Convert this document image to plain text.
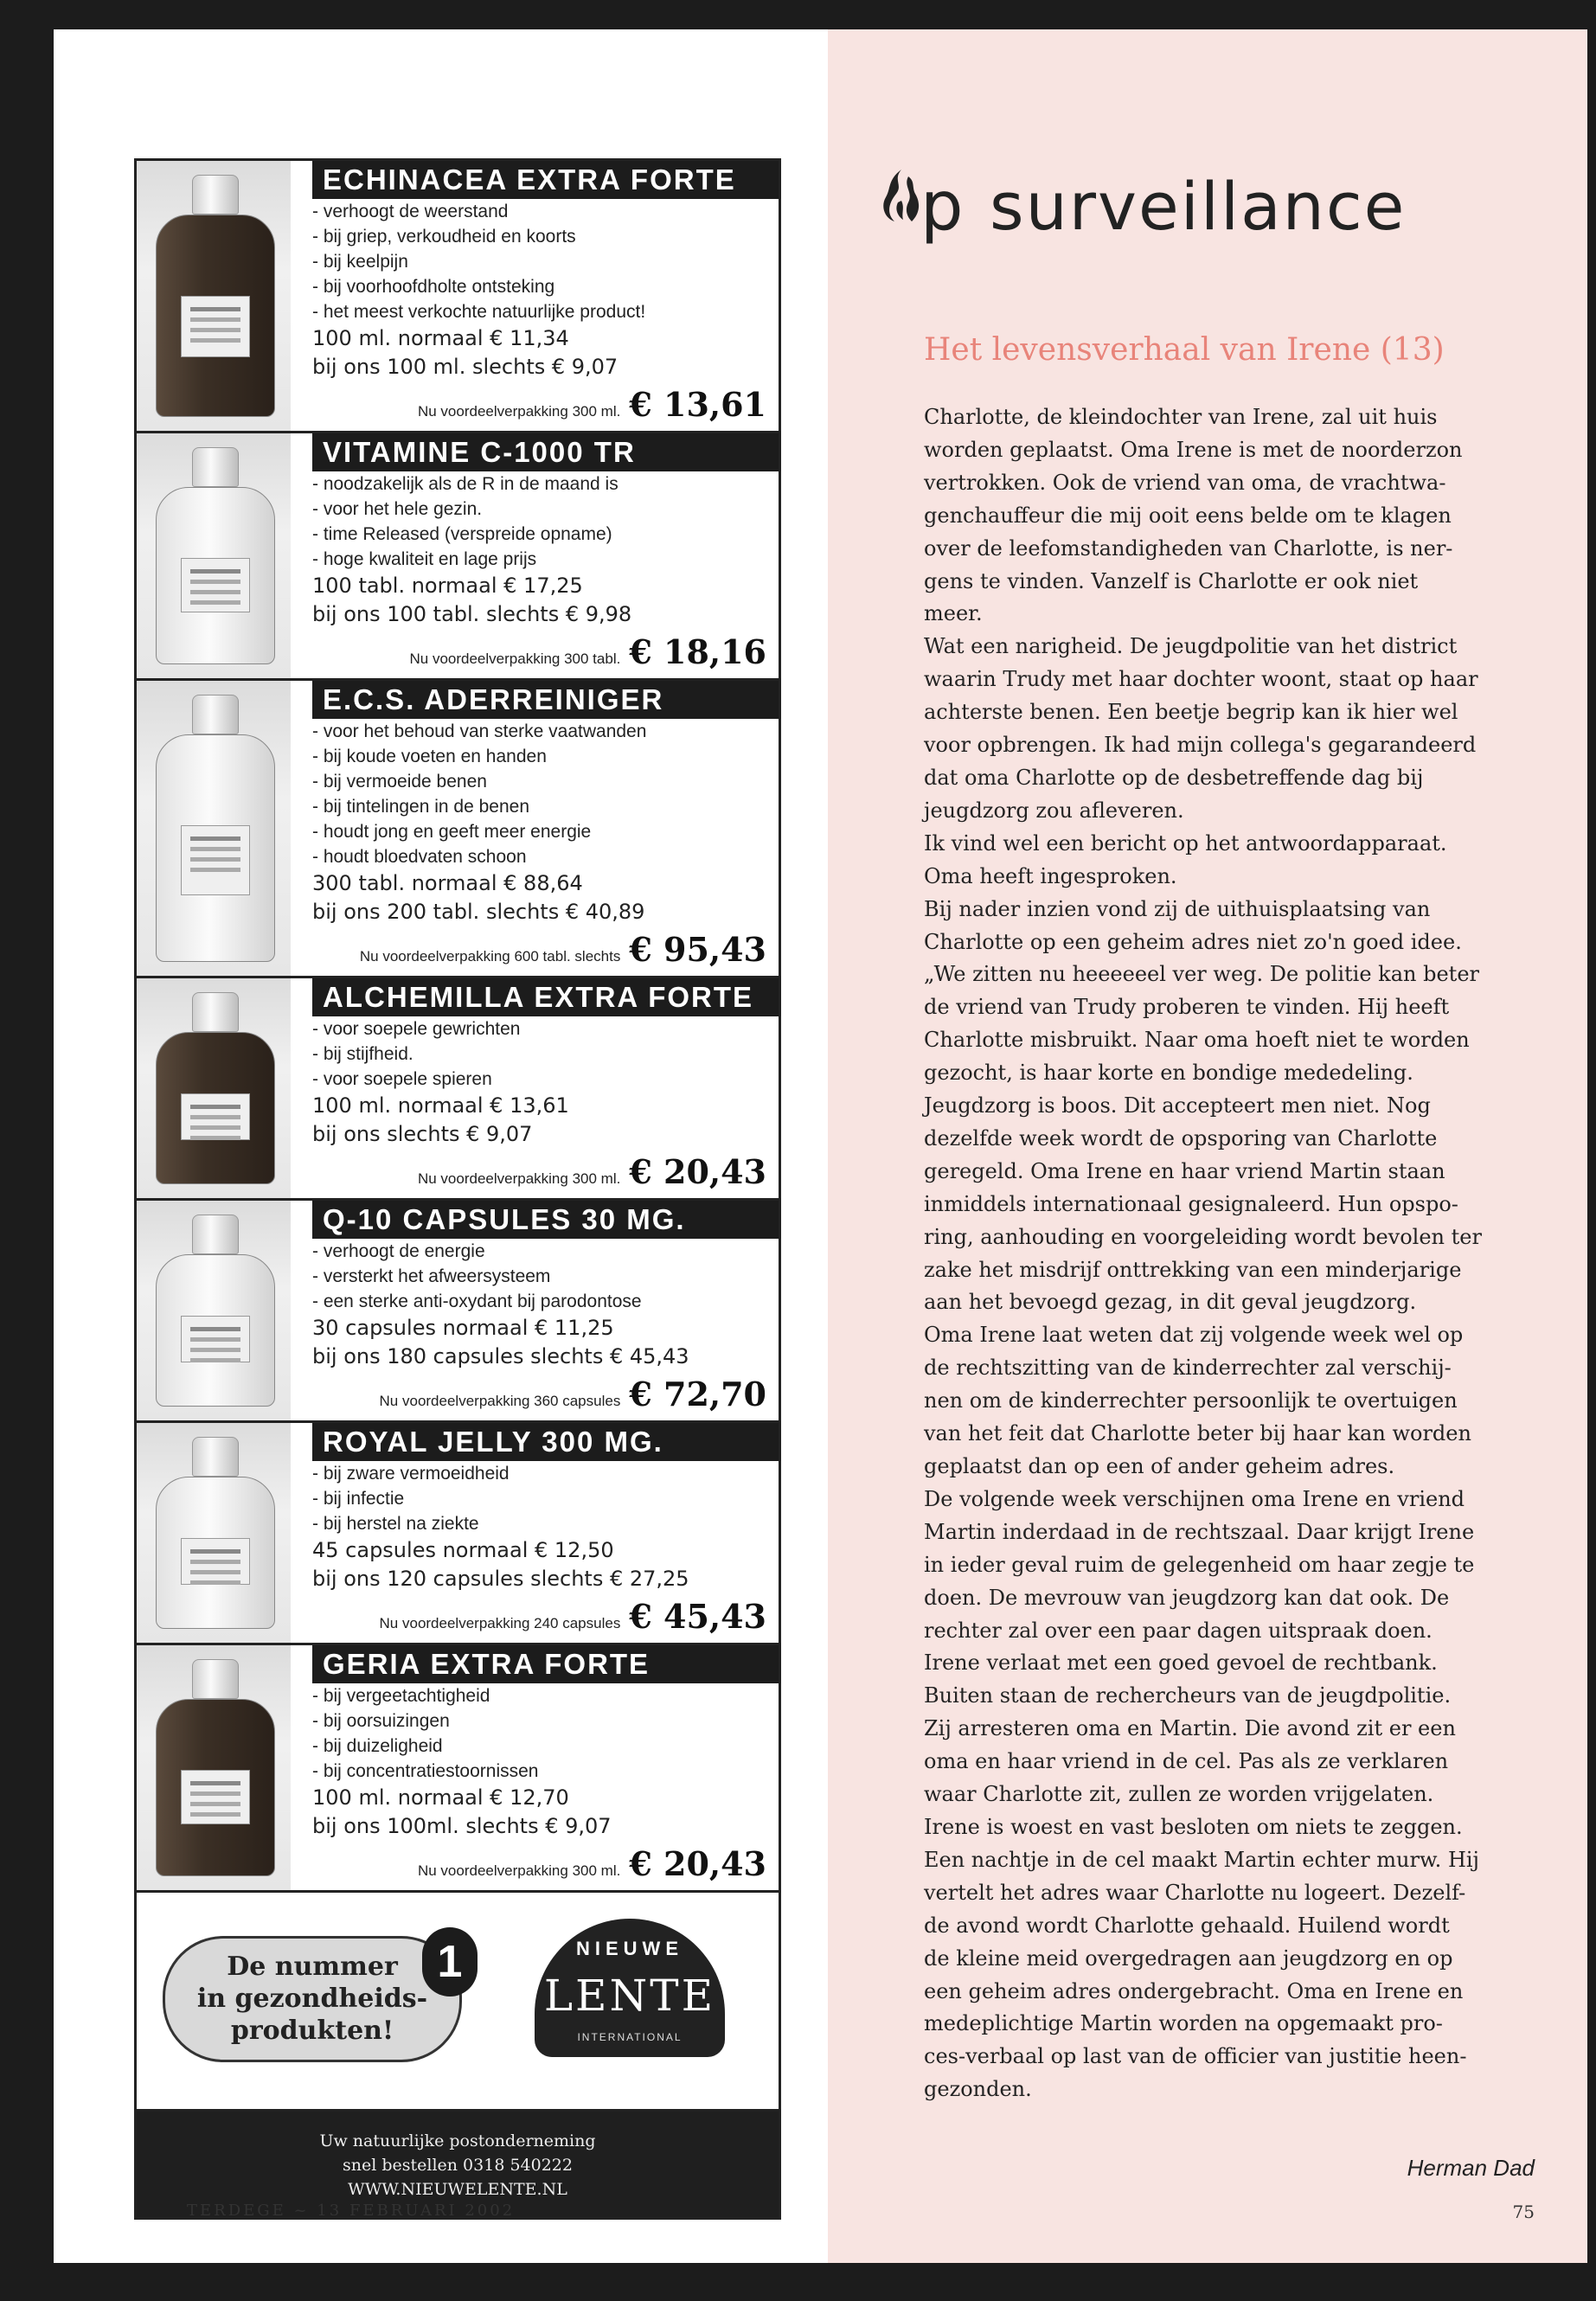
ECHINACEA EXTRA FORTE
- verhoogt de weerstand
- bij griep, verkoudheid en koorts
- bij keelpijn
- bij voorhoofdholte ontsteking
- het meest verkochte natuurlijke product!
100 ml. normaal € 11,34
bij ons 100 ml. slechts € 9,07
Nu voordeelverpakking 300 ml. € 13,61
VITAMINE C-1000 TR
- noodzakelijk als de R in de maand is
- voor het hele gezin.
- time Released (verspreide opname)
- hoge kwaliteit en lage prijs
100 tabl. normaal € 17,25
bij ons 100 tabl. slechts € 9,98
Nu voordeelverpakking 300 tabl. € 18,16
E.C.S. ADERREINIGER
- voor het behoud van sterke vaatwanden
- bij koude voeten en handen
- bij vermoeide benen
- bij tintelingen in de benen
- houdt jong en geeft meer energie
- houdt bloedvaten schoon
300 tabl. normaal € 88,64
bij ons 200 tabl. slechts € 40,89
Nu voordeelverpakking 600 tabl. slechts € 95,43
ALCHEMILLA EXTRA FORTE
- voor soepele gewrichten
- bij stijfheid.
- voor soepele spieren
100 ml. normaal € 13,61
bij ons slechts € 9,07
Nu voordeelverpakking 300 ml. € 20,43
Q-10 CAPSULES 30 MG.
- verhoogt de energie
- versterkt het afweersysteem
- een sterke anti-oxydant bij parodontose
30 capsules normaal € 11,25
bij ons 180 capsules slechts € 45,43
Nu voordeelverpakking 360 capsules € 72,70
ROYAL JELLY 300 MG.
- bij zware vermoeidheid
- bij infectie
- bij herstel na ziekte
45 capsules normaal € 12,50
bij ons 120 capsules slechts € 27,25
Nu voordeelverpakking 240 capsules € 45,43
GERIA EXTRA FORTE
- bij vergeetachtigheid
- bij oorsuizingen
- bij duizeligheid
- bij concentratiestoornissen
100 ml. normaal € 12,70
bij ons 100ml. slechts € 9,07
Nu voordeelverpakking 300 ml. € 20,43
De nummer
in gezondheids-
produkten!
1	NIEUWE
LENTE
INTERNATIONAL
Uw natuurlijke postonderneming
snel bestellen 0318 540222
WWW.NIEUWELENTE.NL
p surveillance
Het levensverhaal van Irene (13)

Charlotte, de kleindochter van Irene, zal uit huis

worden geplaatst. Oma Irene is met de noorderzon

vertrokken. Ook de vriend van oma, de vrachtwa-

genchauffeur die mij ooit eens belde om te klagen

over de leefomstandigheden van Charlotte, is ner-

gens te vinden. Vanzelf is Charlotte er ook niet

meer.

Wat een narigheid. De jeugdpolitie van het district

waarin Trudy met haar dochter woont, staat op haar

achterste benen. Een beetje begrip kan ik hier wel

voor opbrengen. Ik had mijn collega's gegarandeerd

dat oma Charlotte op de desbetreffende dag bij

jeugdzorg zou afleveren.

Ik vind wel een bericht op het antwoordapparaat.

Oma heeft ingesproken.

Bij nader inzien vond zij de uithuisplaatsing van

Charlotte op een geheim adres niet zo'n goed idee.

„We zitten nu heeeeeel ver weg. De politie kan beter

de vriend van Trudy proberen te vinden. Hij heeft

Charlotte misbruikt. Naar oma hoeft niet te worden

gezocht, is haar korte en bondige mededeling.

Jeugdzorg is boos. Dit accepteert men niet. Nog

dezelfde week wordt de opsporing van Charlotte

geregeld. Oma Irene en haar vriend Martin staan

inmiddels internationaal gesignaleerd. Hun opspo-

ring, aanhouding en voorgeleiding wordt bevolen ter

zake het misdrijf onttrekking van een minderjarige

aan het bevoegd gezag, in dit geval jeugdzorg.

Oma Irene laat weten dat zij volgende week wel op

de rechtszitting van de kinderrechter zal verschij-

nen om de kinderrechter persoonlijk te overtuigen

van het feit dat Charlotte beter bij haar kan worden

geplaatst dan op een of ander geheim adres.

De volgende week verschijnen oma Irene en vriend

Martin inderdaad in de rechtszaal. Daar krijgt Irene

in ieder geval ruim de gelegenheid om haar zegje te

doen. De mevrouw van jeugdzorg kan dat ook. De

rechter zal over een paar dagen uitspraak doen.

Irene verlaat met een goed gevoel de rechtbank.

Buiten staan de rechercheurs van de jeugdpolitie.

Zij arresteren oma en Martin. Die avond zit er een

oma en haar vriend in de cel. Pas als ze verklaren

waar Charlotte zit, zullen ze worden vrijgelaten.

Irene is woest en vast besloten om niets te zeggen.

Een nachtje in de cel maakt Martin echter murw. Hij

vertelt het adres waar Charlotte nu logeert. Dezelf-

de avond wordt Charlotte gehaald. Huilend wordt

de kleine meid overgedragen aan jeugdzorg en op

een geheim adres ondergebracht. Oma en Irene en

medeplichtige Martin worden na opgemaakt pro-

ces-verbaal op last van de officier van justitie heen-

gezonden.

Herman Dad
TERDEGE ~ 13 FEBRUARI 2002	75
